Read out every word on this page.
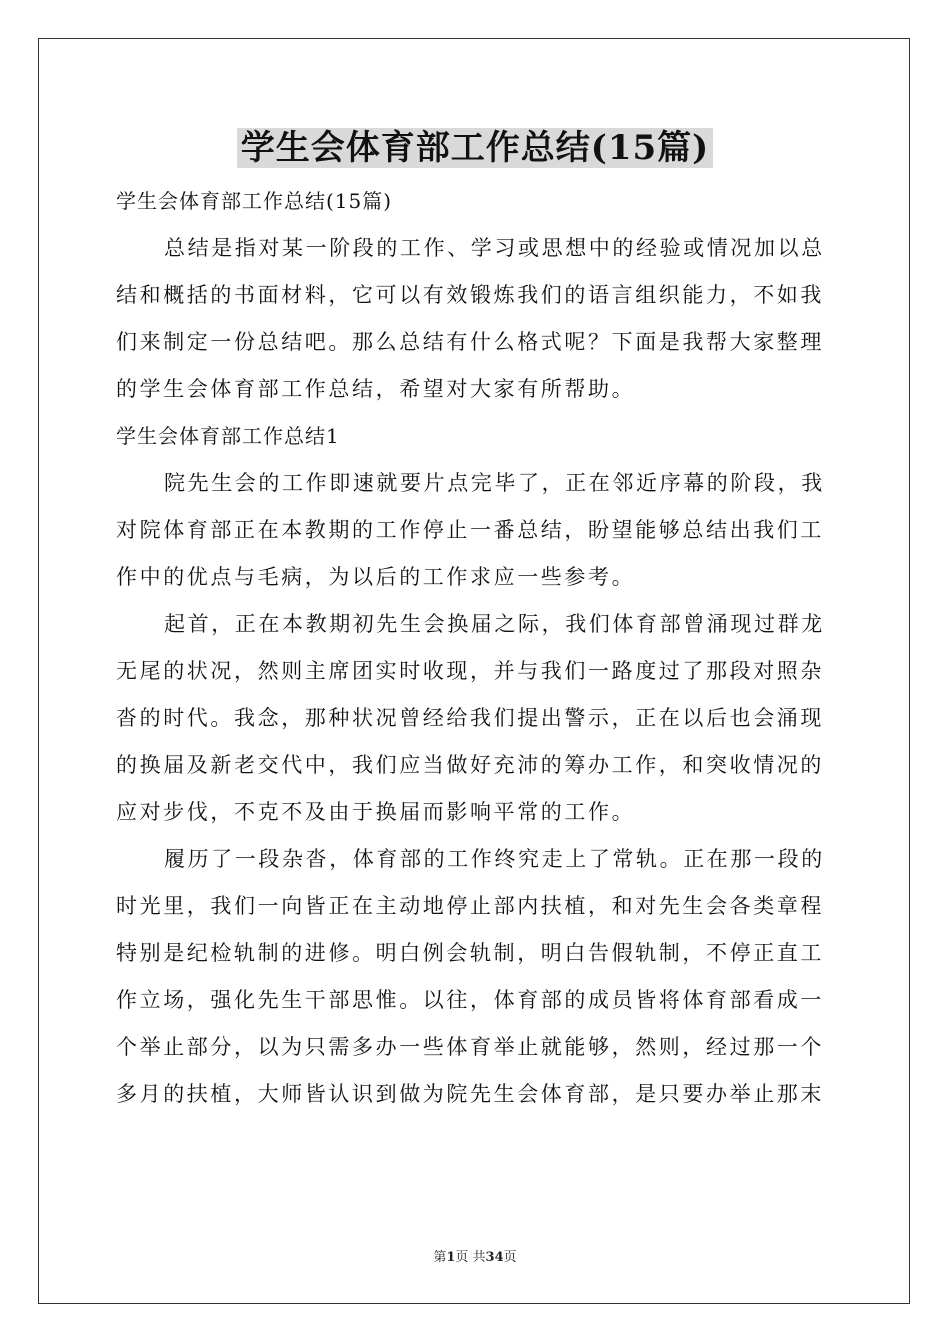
学生会体育部工作总结(15篇)
学生会体育部工作总结(15篇)
总结是指对某一阶段的工作、学习或思想中的经验或情况加以总
结和概括的书面材料，它可以有效锻炼我们的语言组织能力，不如我
们来制定一份总结吧。那么总结有什么格式呢？下面是我帮大家整理
的学生会体育部工作总结，希望对大家有所帮助。
学生会体育部工作总结1
院先生会的工作即速就要片点完毕了，正在邻近序幕的阶段，我
对院体育部正在本教期的工作停止一番总结，盼望能够总结出我们工
作中的优点与毛病，为以后的工作求应一些参考。
起首，正在本教期初先生会换届之际，我们体育部曾涌现过群龙
无尾的状况，然则主席团实时收现，并与我们一路度过了那段对照杂
沓的时代。我念，那种状况曾经给我们提出警示，正在以后也会涌现
的换届及新老交代中，我们应当做好充沛的筹办工作，和突收情况的
应对步伐，不克不及由于换届而影响平常的工作。
履历了一段杂沓，体育部的工作终究走上了常轨。正在那一段的
时光里，我们一向皆正在主动地停止部内扶植，和对先生会各类章程
特别是纪检轨制的进修。明白例会轨制，明白告假轨制，不停正直工
作立场，强化先生干部思惟。以往，体育部的成员皆将体育部看成一
个举止部分，以为只需多办一些体育举止就能够，然则，经过那一个
多月的扶植，大师皆认识到做为院先生会体育部，是只要办举止那末
第1页 共34页
